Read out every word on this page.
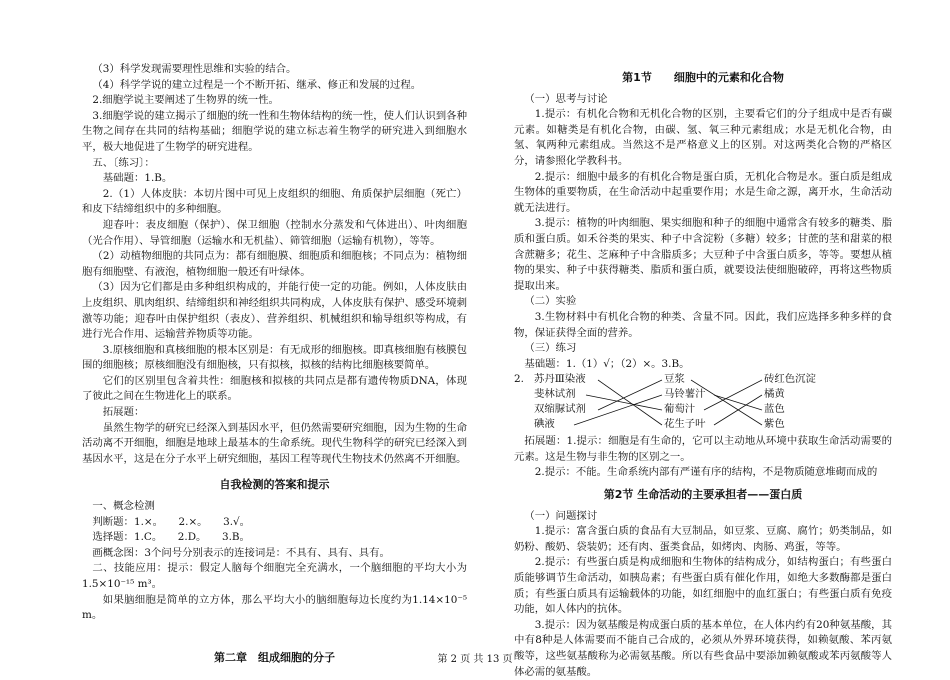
（3）科学发现需要理性思维和实验的结合。

（4）科学学说的建立过程是一个不断开拓、继承、修正和发展的过程。

2.细胞学说主要阐述了生物界的统一性。

3.细胞学说的建立揭示了细胞的统一性和生物体结构的统一性，使人们认识到各种生物之间存在共同的结构基础；细胞学说的建立标志着生物学的研究进入到细胞水平，极大地促进了生物学的研究进程。

五、〔练习〕：

基础题：1.B。

2.（1）人体皮肤：本切片图中可见上皮组织的细胞、角质保护层细胞（死亡）和皮下结缔组织中的多种细胞。

迎春叶：表皮细胞（保护）、保卫细胞（控制水分蒸发和气体进出）、叶肉细胞（光合作用）、导管细胞（运输水和无机盐）、筛管细胞（运输有机物），等等。

（2）动植物细胞的共同点为：都有细胞膜、细胞质和细胞核；不同点为：植物细胞有细胞壁、有液泡，植物细胞一般还有叶绿体。

（3）因为它们都是由多种组织构成的，并能行使一定的功能。例如，人体皮肤由上皮组织、肌肉组织、结缔组织和神经组织共同构成，人体皮肤有保护、感受环境刺激等功能；迎春叶由保护组织（表皮）、营养组织、机械组织和输导组织等构成，有进行光合作用、运输营养物质等功能。

3.原核细胞和真核细胞的根本区别是：有无成形的细胞核。即真核细胞有核膜包围的细胞核；原核细胞没有细胞核，只有拟核，拟核的结构比细胞核要简单。

它们的区别里包含着共性：细胞核和拟核的共同点是都有遗传物质DNA，体现了彼此之间在生物进化上的联系。

拓展题：

虽然生物学的研究已经深入到基因水平，但仍然需要研究细胞，因为生物的生命活动离不开细胞，细胞是地球上最基本的生命系统。现代生物科学的研究已经深入到基因水平，这是在分子水平上研究细胞，基因工程等现代生物技术仍然离不开细胞。

自我检测的答案和提示

一、概念检测

判断题：1.×。　　2.×。　　3.√。

选择题：1.C。　　2.D。　　3.B。

画概念图：3个问号分别表示的连接词是：不具有、具有、具有。

二、技能应用：提示：假定人脑每个细胞完全充满水，一个脑细胞的平均大小为1.5×10⁻¹⁵ m³。

如果脑细胞是简单的立方体，那么平均大小的脑细胞每边长度约为1.14×10⁻⁵ m。

第二章　组成细胞的分子
第1节　　细胞中的元素和化合物

（一）思考与讨论

1.提示：有机化合物和无机化合物的区别，主要看它们的分子组成中是否有碳元素。如糖类是有机化合物，由碳、氢、氧三种元素组成；水是无机化合物，由氢、氧两种元素组成。当然这不是严格意义上的区别。对这两类化合物的严格区分，请参照化学教科书。

2.提示：细胞中最多的有机化合物是蛋白质，无机化合物是水。蛋白质是组成生物体的重要物质，在生命活动中起重要作用；水是生命之源，离开水，生命活动就无法进行。

3.提示：植物的叶肉细胞、果实细胞和种子的细胞中通常含有较多的糖类、脂质和蛋白质。如禾谷类的果实、种子中含淀粉（多糖）较多；甘蔗的茎和甜菜的根含蔗糖多；花生、芝麻种子中含脂质多；大豆种子中含蛋白质多，等等。要想从植物的果实、种子中获得糖类、脂质和蛋白质，就要设法使细胞破碎，再将这些物质提取出来。

（二）实验

3.生物材料中有机化合物的种类、含量不同。因此，我们应选择多种多样的食物，保证获得全面的营养。

（三）练习

基础题：1.（1）√；（2）×。3.B。

2. 苏丹Ⅲ染液
斐林试剂
双缩脲试剂
碘液
豆浆
马铃薯汁
葡萄汁
花生子叶
砖红色沉淀
橘黄
蓝色
紫色

拓展题：1.提示：细胞是有生命的，它可以主动地从环境中获取生命活动需要的元素。这是生物与非生物的区别之一。

2.提示：不能。生命系统内部有严谨有序的结构，不是物质随意堆砌而成的

第2节 生命活动的主要承担者——蛋白质

（一）问题探讨

1.提示：富含蛋白质的食品有大豆制品，如豆浆、豆腐、腐竹；奶类制品，如奶粉、酸奶、袋装奶；还有肉、蛋类食品，如烤肉、肉肠、鸡蛋，等等。

2.提示：有些蛋白质是构成细胞和生物体的结构成分，如结构蛋白；有些蛋白质能够调节生命活动，如胰岛素；有些蛋白质有催化作用，如绝大多数酶都是蛋白质；有些蛋白质具有运输载体的功能，如红细胞中的血红蛋白；有些蛋白质有免疫功能，如人体内的抗体。

3.提示：因为氨基酸是构成蛋白质的基本单位，在人体内约有20种氨基酸，其中有8种是人体需要而不能自己合成的，必须从外界环境获得，如赖氨酸、苯丙氨酸等，这些氨基酸称为必需氨基酸。所以有些食品中要添加赖氨酸或苯丙氨酸等人体必需的氨基酸。

第 2 页 共 13 页
